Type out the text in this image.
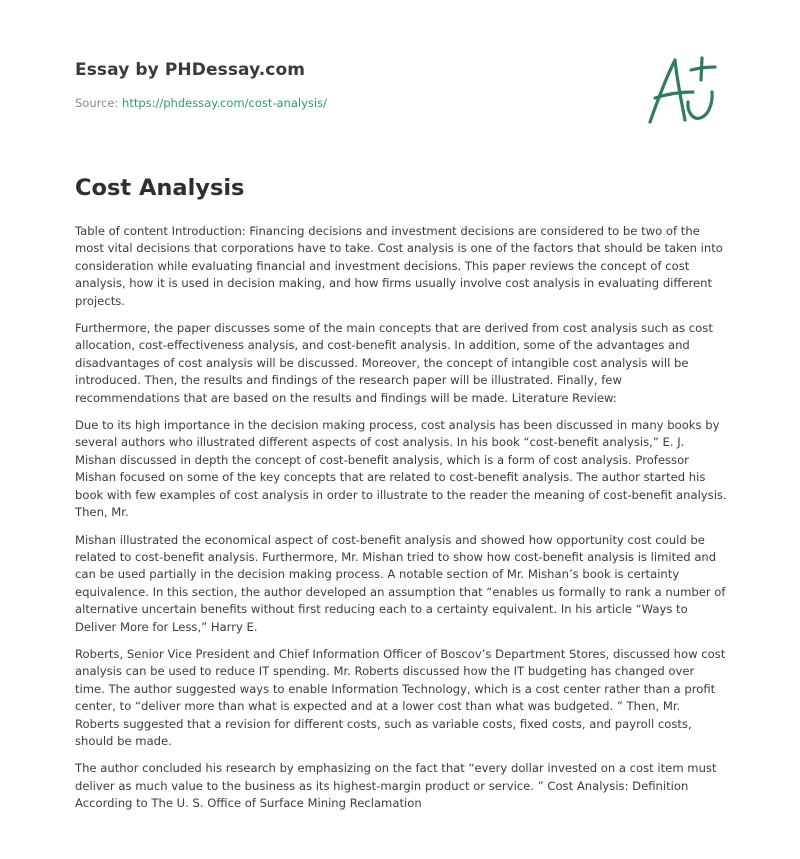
Essay by PHDessay.com
Source: https://phdessay.com/cost-analysis/
Cost Analysis

Table of content Introduction: Financing decisions and investment decisions are considered to be two of the most vital decisions that corporations have to take. Cost analysis is one of the factors that should be taken into consideration while evaluating financial and investment decisions. This paper reviews the concept of cost analysis, how it is used in decision making, and how firms usually involve cost analysis in evaluating different projects.

Furthermore, the paper discusses some of the main concepts that are derived from cost analysis such as cost allocation, cost-effectiveness analysis, and cost-benefit analysis. In addition, some of the advantages and disadvantages of cost analysis will be discussed. Moreover, the concept of intangible cost analysis will be introduced. Then, the results and findings of the research paper will be illustrated. Finally, few recommendations that are based on the results and findings will be made. Literature Review:

Due to its high importance in the decision making process, cost analysis has been discussed in many books by several authors who illustrated different aspects of cost analysis. In his book “cost-benefit analysis,” E. J. Mishan discussed in depth the concept of cost-benefit analysis, which is a form of cost analysis. Professor Mishan focused on some of the key concepts that are related to cost-benefit analysis. The author started his book with few examples of cost analysis in order to illustrate to the reader the meaning of cost-benefit analysis. Then, Mr.

Mishan illustrated the economical aspect of cost-benefit analysis and showed how opportunity cost could be related to cost-benefit analysis. Furthermore, Mr. Mishan tried to show how cost-benefit analysis is limited and can be used partially in the decision making process. A notable section of Mr. Mishan’s book is certainty equivalence. In this section, the author developed an assumption that “enables us formally to rank a number of alternative uncertain benefits without first reducing each to a certainty equivalent. In his article “Ways to Deliver More for Less,” Harry E.

Roberts, Senior Vice President and Chief Information Officer of Boscov’s Department Stores, discussed how cost analysis can be used to reduce IT spending. Mr. Roberts discussed how the IT budgeting has changed over time. The author suggested ways to enable Information Technology, which is a cost center rather than a profit center, to “deliver more than what is expected and at a lower cost than what was budgeted. ” Then, Mr. Roberts suggested that a revision for different costs, such as variable costs, fixed costs, and payroll costs, should be made.

The author concluded his research by emphasizing on the fact that “every dollar invested on a cost item must deliver as much value to the business as its highest-margin product or service. ” Cost Analysis: Definition According to The U. S. Office of Surface Mining Reclamation
